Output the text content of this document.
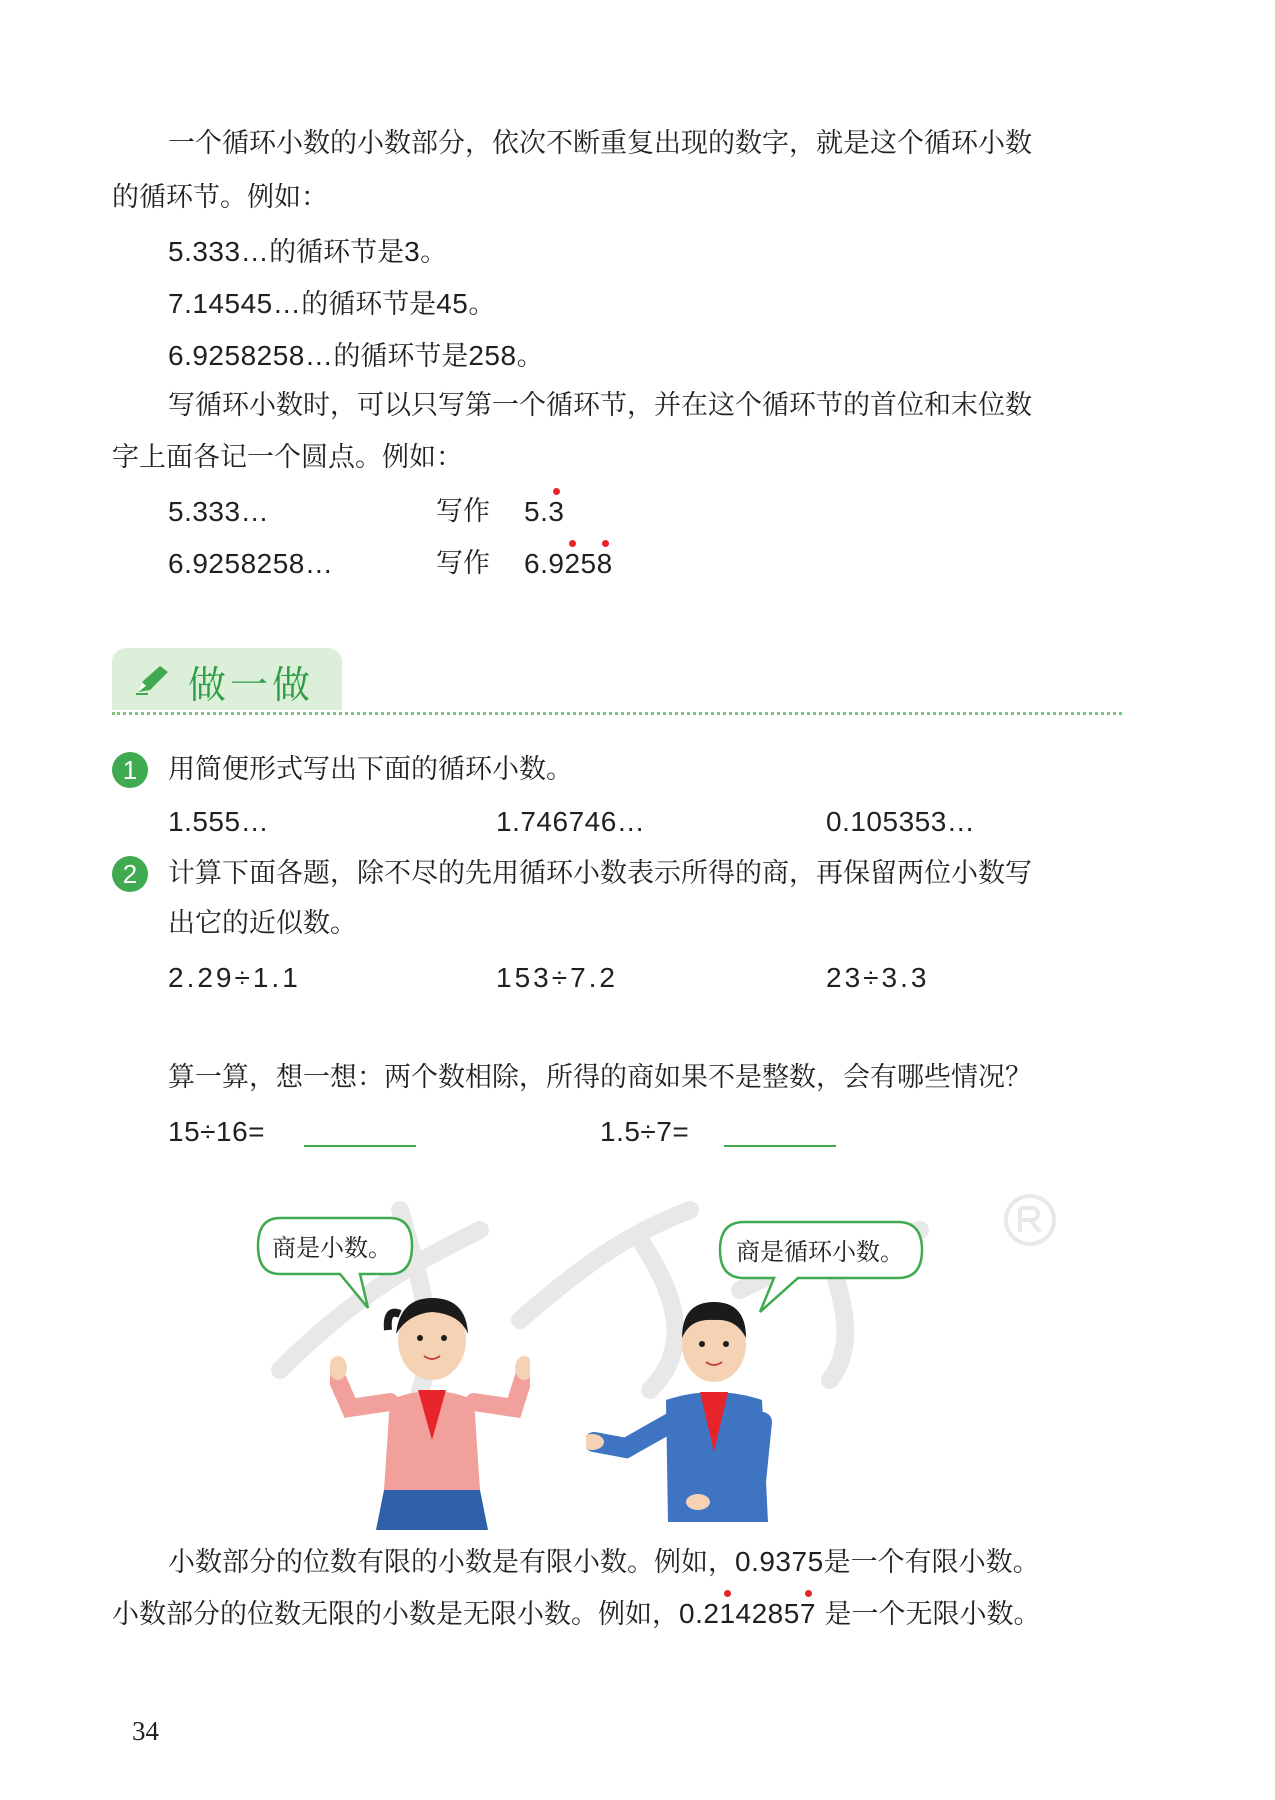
一个循环小数的小数部分，依次不断重复出现的数字，就是这个循环小数
的循环节。例如：
5.333…的循环节是3。
7.14545…的循环节是45。
6.9258258…的循环节是258。
写循环小数时，可以只写第一个循环节，并在这个循环节的首位和末位数
字上面各记一个圆点。例如：
5.333…	写作 5.3
6.9258258…	写作 6.9258
做一做
1	用简便形式写出下面的循环小数。
1.555…	1.746746…	0.105353…
2	计算下面各题，除不尽的先用循环小数表示所得的商，再保留两位小数写
出它的近似数。
2.29÷1.1	153÷7.2	23÷3.3
算一算，想一想：两个数相除，所得的商如果不是整数，会有哪些情况？
15÷16=	1.5÷7=
商是小数。	商是循环小数。
小数部分的位数有限的小数是有限小数。例如，0.9375是一个有限小数。
小数部分的位数无限的小数是无限小数。例如，0.2142857 是一个无限小数。
34
